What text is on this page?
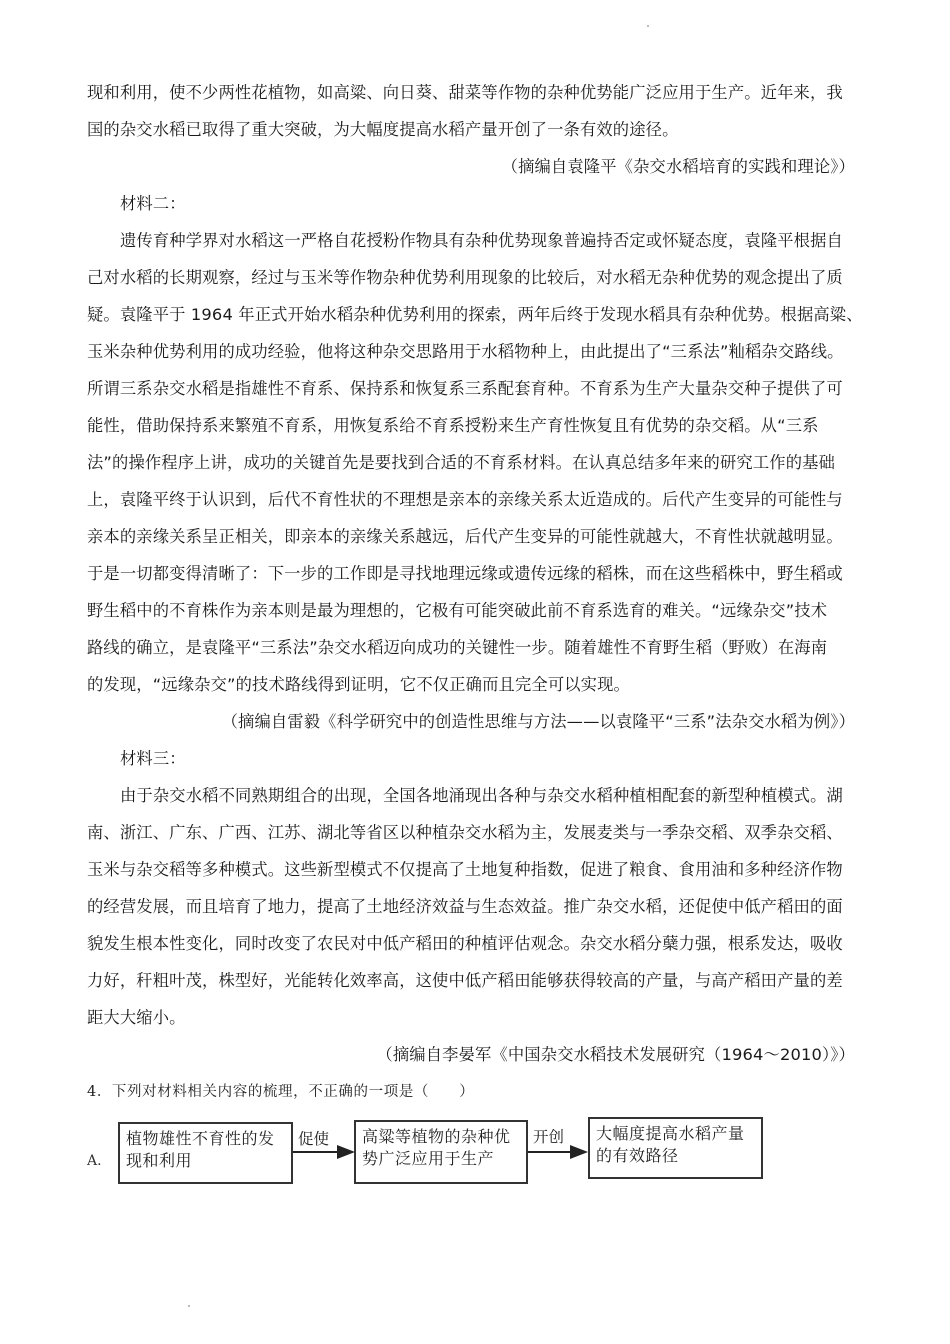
现和利用，使不少两性花植物，如高粱、向日葵、甜菜等作物的杂种优势能广泛应用于生产。近年来，我
国的杂交水稻已取得了重大突破，为大幅度提高水稻产量开创了一条有效的途径。
（摘编自袁隆平《杂交水稻培育的实践和理论》）
材料二：
遗传育种学界对水稻这一严格自花授粉作物具有杂种优势现象普遍持否定或怀疑态度，袁隆平根据自
己对水稻的长期观察，经过与玉米等作物杂种优势利用现象的比较后，对水稻无杂种优势的观念提出了质
疑。袁隆平于 1964 年正式开始水稻杂种优势利用的探索，两年后终于发现水稻具有杂种优势。根据高粱、
玉米杂种优势利用的成功经验，他将这种杂交思路用于水稻物种上，由此提出了“三系法”籼稻杂交路线。
所谓三系杂交水稻是指雄性不育系、保持系和恢复系三系配套育种。不育系为生产大量杂交种子提供了可
能性，借助保持系来繁殖不育系，用恢复系给不育系授粉来生产育性恢复且有优势的杂交稻。从“三系
法”的操作程序上讲，成功的关键首先是要找到合适的不育系材料。在认真总结多年来的研究工作的基础
上，袁隆平终于认识到，后代不育性状的不理想是亲本的亲缘关系太近造成的。后代产生变异的可能性与
亲本的亲缘关系呈正相关，即亲本的亲缘关系越远，后代产生变异的可能性就越大，不育性状就越明显。
于是一切都变得清晰了：下一步的工作即是寻找地理远缘或遗传远缘的稻株，而在这些稻株中，野生稻或
野生稻中的不育株作为亲本则是最为理想的，它极有可能突破此前不育系选育的难关。“远缘杂交”技术
路线的确立，是袁隆平“三系法”杂交水稻迈向成功的关键性一步。随着雄性不育野生稻（野败）在海南
的发现，“远缘杂交”的技术路线得到证明，它不仅正确而且完全可以实现。
（摘编自雷毅《科学研究中的创造性思维与方法——以袁隆平“三系”法杂交水稻为例》）
材料三：
由于杂交水稻不同熟期组合的出现，全国各地涌现出各种与杂交水稻种植相配套的新型种植模式。湖
南、浙江、广东、广西、江苏、湖北等省区以种植杂交水稻为主，发展麦类与一季杂交稻、双季杂交稻、
玉米与杂交稻等多种模式。这些新型模式不仅提高了土地复种指数，促进了粮食、食用油和多种经济作物
的经营发展，而且培育了地力，提高了土地经济效益与生态效益。推广杂交水稻，还促使中低产稻田的面
貌发生根本性变化，同时改变了农民对中低产稻田的种植评估观念。杂交水稻分蘖力强，根系发达，吸收
力好，秆粗叶茂，株型好，光能转化效率高，这使中低产稻田能够获得较高的产量，与高产稻田产量的差
距大大缩小。
（摘编自李晏军《中国杂交水稻技术发展研究（1964～2010）》）
4．下列对材料相关内容的梳理，不正确的一项是（　　）
A.
植物雄性不育性的发现和利用
促使	高粱等植物的杂种优势广泛应用于生产
开创	大幅度提高水稻产量的有效路径
